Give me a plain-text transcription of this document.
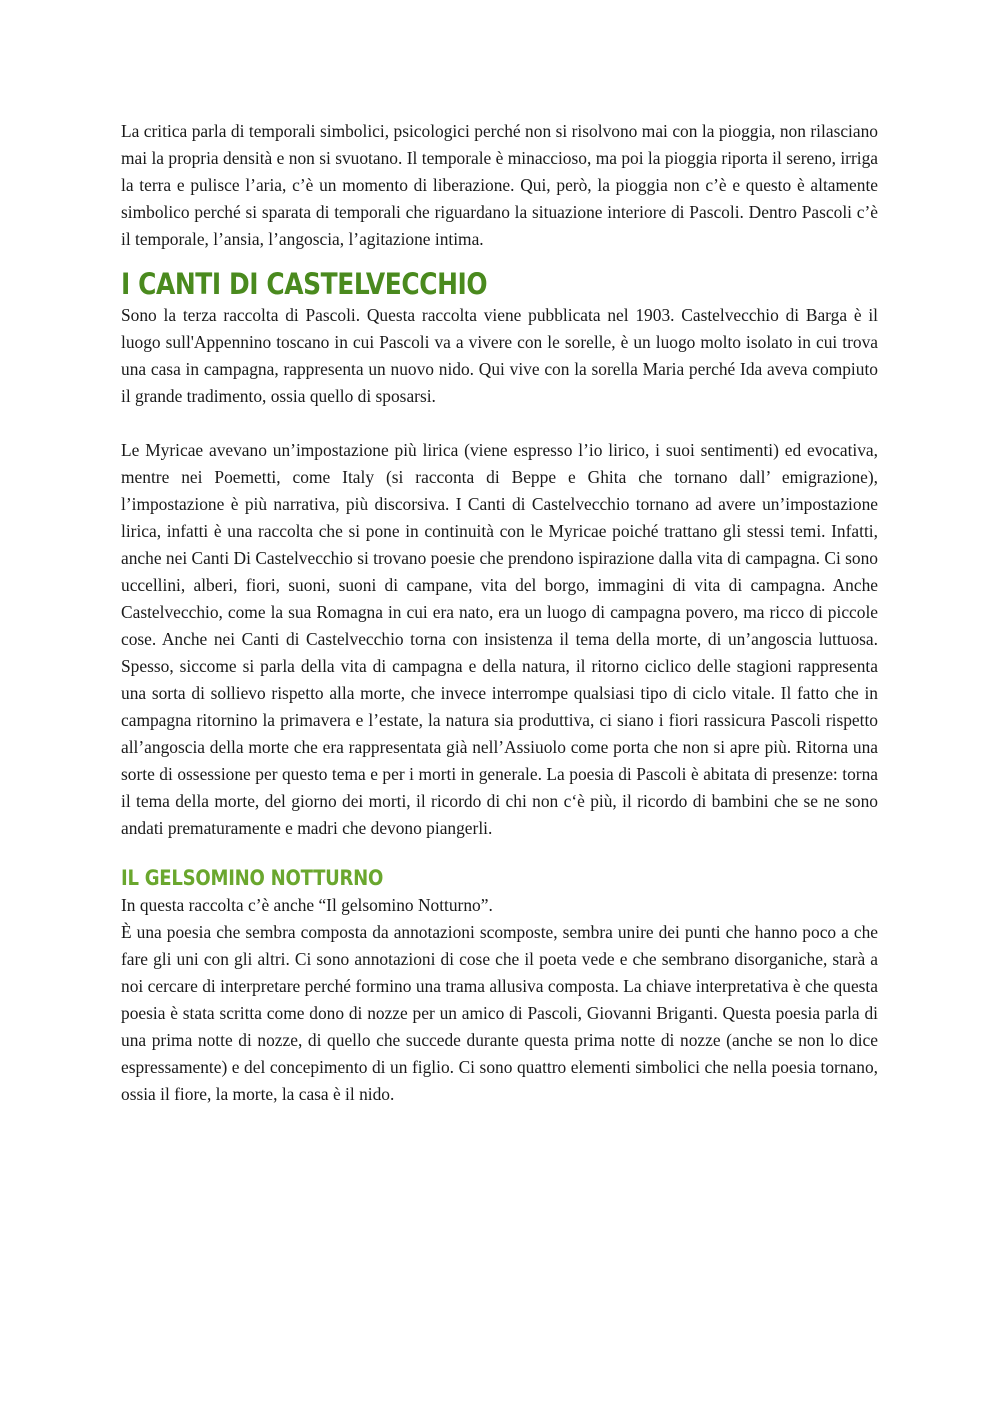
La critica parla di temporali simbolici, psicologici perché non si risolvono mai con la pioggia, non rilasciano mai la propria densità e non si svuotano. Il temporale è minaccioso, ma poi la pioggia riporta il sereno, irriga la terra e pulisce l’aria, c’è un momento di liberazione. Qui, però, la pioggia non c’è e questo è altamente simbolico perché si sparata di temporali che riguardano la situazione interiore di Pascoli. Dentro Pascoli c’è il temporale, l’ansia, l’angoscia, l’agitazione intima.

I CANTI DI CASTELVECCHIO

Sono la terza raccolta di Pascoli. Questa raccolta viene pubblicata nel 1903. Castelvecchio di Barga è il luogo sull'Appennino toscano in cui Pascoli va a vivere con le sorelle, è un luogo molto isolato in cui trova una casa in campagna, rappresenta un nuovo nido. Qui vive con la sorella Maria perché Ida aveva compiuto il grande tradimento, ossia quello di sposarsi.

Le Myricae avevano un’impostazione più lirica (viene espresso l’io lirico, i suoi sentimenti) ed evocativa, mentre nei Poemetti, come Italy (si racconta di Beppe e Ghita che tornano dall’ emigrazione), l’impostazione è più narrativa, più discorsiva. I Canti di Castelvecchio tornano ad avere un’impostazione lirica, infatti è una raccolta che si pone in continuità con le Myricae poiché trattano gli stessi temi. Infatti, anche nei Canti Di Castelvecchio si trovano poesie che prendono ispirazione dalla vita di campagna. Ci sono uccellini, alberi, fiori, suoni, suoni di campane, vita del borgo, immagini di vita di campagna. Anche Castelvecchio, come la sua Romagna in cui era nato, era un luogo di campagna povero, ma ricco di piccole cose. Anche nei Canti di Castelvecchio torna con insistenza il tema della morte, di un’angoscia luttuosa. Spesso, siccome si parla della vita di campagna e della natura, il ritorno ciclico delle stagioni rappresenta una sorta di sollievo rispetto alla morte, che invece interrompe qualsiasi tipo di ciclo vitale. Il fatto che in campagna ritornino la primavera e l’estate, la natura sia produttiva, ci siano i fiori rassicura Pascoli rispetto all’angoscia della morte che era rappresentata già nell’Assiuolo come porta che non si apre più. Ritorna una sorte di ossessione per questo tema e per i morti in generale. La poesia di Pascoli è abitata di presenze: torna il tema della morte, del giorno dei morti, il ricordo di chi non c‘è più, il ricordo di bambini che se ne sono andati prematuramente e madri che devono piangerli.

IL GELSOMINO NOTTURNO

In questa raccolta c’è anche “Il gelsomino Notturno”.

È una poesia che sembra composta da annotazioni scomposte, sembra unire dei punti che hanno poco a che fare gli uni con gli altri. Ci sono annotazioni di cose che il poeta vede e che sembrano disorganiche, starà a noi cercare di interpretare perché formino una trama allusiva composta. La chiave interpretativa è che questa poesia è stata scritta come dono di nozze per un amico di Pascoli, Giovanni Briganti. Questa poesia parla di una prima notte di nozze, di quello che succede durante questa prima notte di nozze (anche se non lo dice espressamente) e del concepimento di un figlio. Ci sono quattro elementi simbolici che nella poesia tornano, ossia il fiore, la morte, la casa è il nido.
